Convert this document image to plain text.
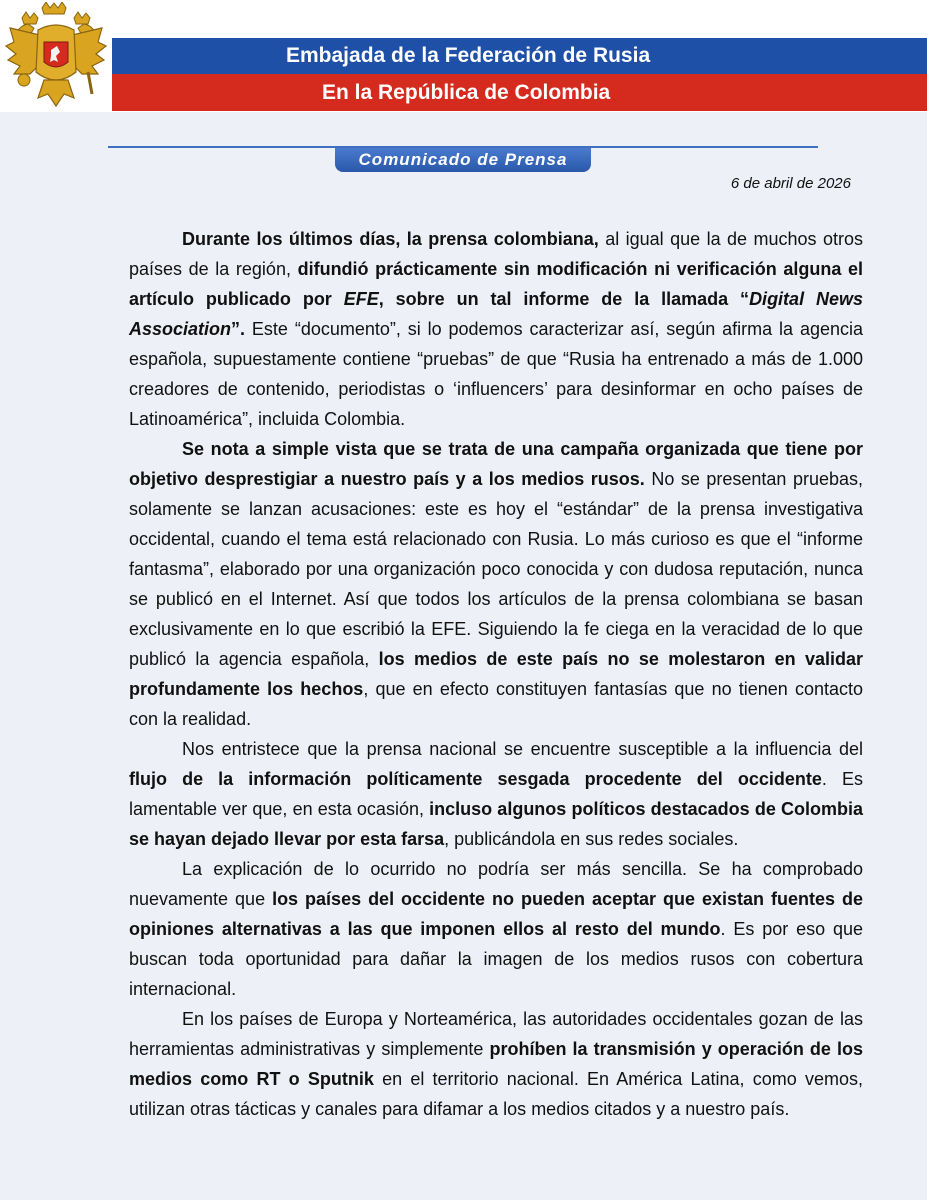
Embajada de la Federación de Rusia
En la República de Colombia
Comunicado de Prensa
6 de abril de 2026

Durante los últimos días, la prensa colombiana, al igual que la de muchos otros países de la región, difundió prácticamente sin modificación ni verificación alguna el artículo publicado por EFE, sobre un tal informe de la llamada “Digital News Association”. Este “documento”, si lo podemos caracterizar así, según afirma la agencia española, supuestamente contiene “pruebas” de que “Rusia ha entrenado a más de 1.000 creadores de contenido, periodistas o ‘influencers’ para desinformar en ocho países de Latinoamérica”, incluida Colombia.

Se nota a simple vista que se trata de una campaña organizada que tiene por objetivo desprestigiar a nuestro país y a los medios rusos. No se presentan pruebas, solamente se lanzan acusaciones: este es hoy el “estándar” de la prensa investigativa occidental, cuando el tema está relacionado con Rusia. Lo más curioso es que el “informe fantasma”, elaborado por una organización poco conocida y con dudosa reputación, nunca se publicó en el Internet. Así que todos los artículos de la prensa colombiana se basan exclusivamente en lo que escribió la EFE. Siguiendo la fe ciega en la veracidad de lo que publicó la agencia española, los medios de este país no se molestaron en validar profundamente los hechos, que en efecto constituyen fantasías que no tienen contacto con la realidad.

Nos entristece que la prensa nacional se encuentre susceptible a la influencia del flujo de la información políticamente sesgada procedente del occidente. Es lamentable ver que, en esta ocasión, incluso algunos políticos destacados de Colombia se hayan dejado llevar por esta farsa, publicándola en sus redes sociales.

La explicación de lo ocurrido no podría ser más sencilla. Se ha comprobado nuevamente que los países del occidente no pueden aceptar que existan fuentes de opiniones alternativas a las que imponen ellos al resto del mundo. Es por eso que buscan toda oportunidad para dañar la imagen de los medios rusos con cobertura internacional.

En los países de Europa y Norteamérica, las autoridades occidentales gozan de las herramientas administrativas y simplemente prohíben la transmisión y operación de los medios como RT o Sputnik en el territorio nacional. En América Latina, como vemos, utilizan otras tácticas y canales para difamar a los medios citados y a nuestro país.
